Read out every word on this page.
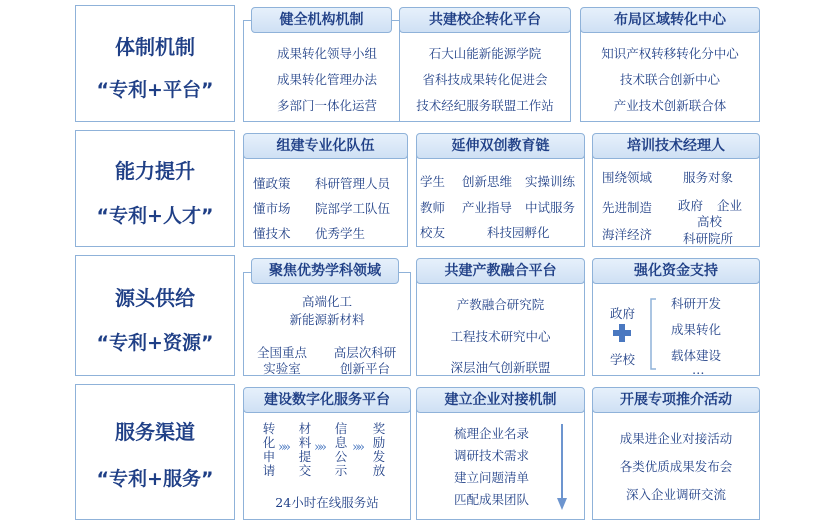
体制机制
“专利+平台”
健全机构机制
成果转化领导小组
成果转化管理办法
多部门一体化运营
共建校企转化平台
石大山能新能源学院
省科技成果转化促进会
技术经纪服务联盟工作站
布局区域转化中心
知识产权转移转化分中心
技术联合创新中心
产业技术创新联合体
能力提升
“专利+人才”
组建专业化队伍
懂政策 科研管理人员
懂市场 院部学工队伍
懂技术 优秀学生
延伸双创教育链
学生 创新思维 实操训练
教师 产业指导 中试服务
校友	科技园孵化
培训技术经理人
围绕领域 服务对象
先进制造 政府 企业
高校
海洋经济 科研院所
源头供给
“专利+资源”
聚焦优势学科领域
高端化工
新能源新材料
全国重点
实验室
高层次科研
创新平台
共建产教融合平台
产教融合研究院
工程技术研究中心
深层油气创新联盟
强化资金支持
政府
学校
科研开发
成果转化
载体建设
…
服务渠道
“专利+服务”
建设数字化服务平台
转化申请
»»
材料提交
»»
信息公示
»»
奖励发放
24小时在线服务站
建立企业对接机制
梳理企业名录
调研技术需求
建立问题清单
匹配成果团队
开展专项推介活动
成果进企业对接活动
各类优质成果发布会
深入企业调研交流
